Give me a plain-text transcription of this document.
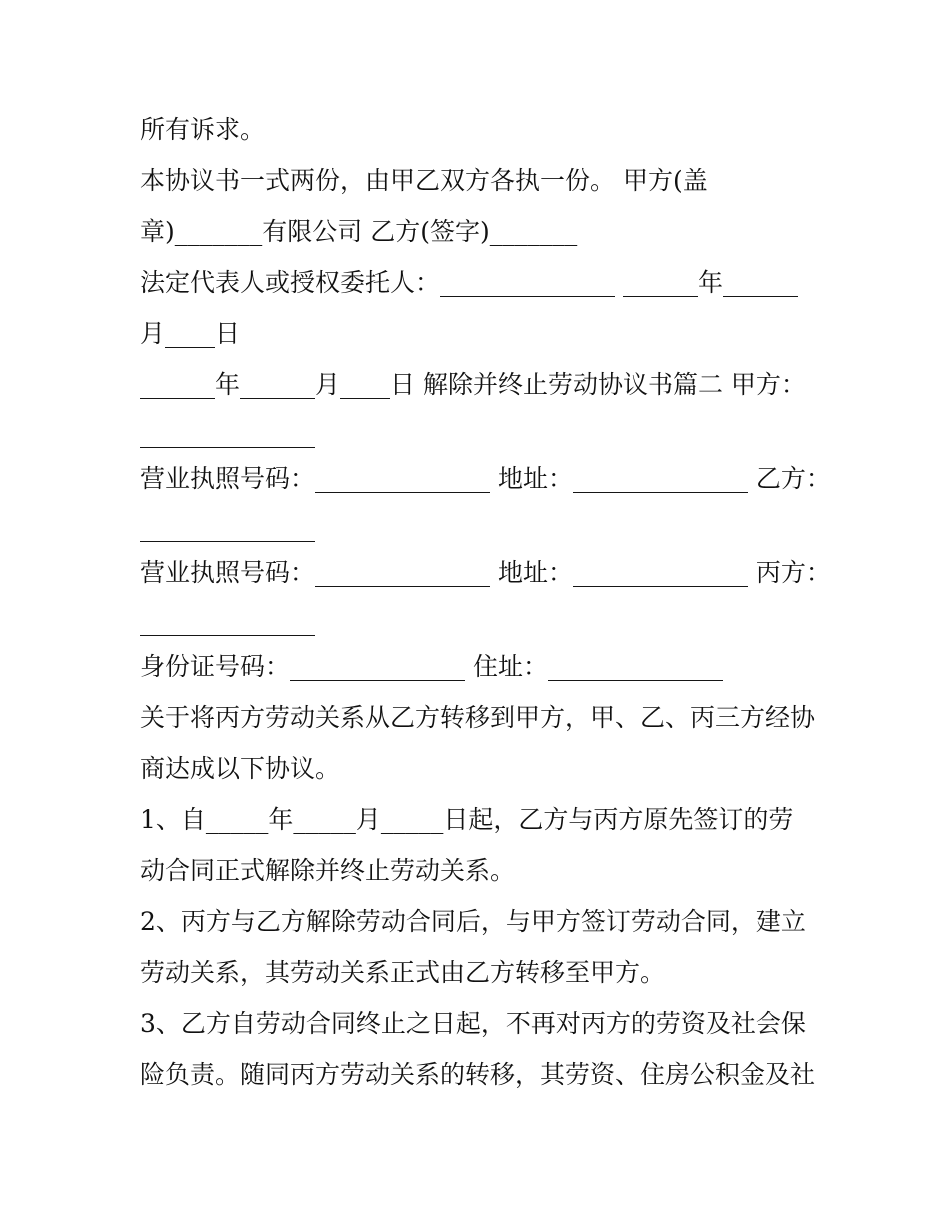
所有诉求。

本协议书一式两份，由甲乙双方各执一份。 甲方(盖

章)_______有限公司 乙方(签字)_______

法定代表人或授权委托人：______________ ______年______

月____日

______年______月____日 解除并终止劳动协议书篇二 甲方：

______________

营业执照号码：______________ 地址：______________ 乙方：

______________

营业执照号码：______________ 地址：______________ 丙方：

______________

身份证号码：______________ 住址：______________

关于将丙方劳动关系从乙方转移到甲方，甲、乙、丙三方经协

商达成以下协议。

1、自_____年_____月_____日起，乙方与丙方原先签订的劳

动合同正式解除并终止劳动关系。

2、丙方与乙方解除劳动合同后，与甲方签订劳动合同，建立

劳动关系，其劳动关系正式由乙方转移至甲方。

3、乙方自劳动合同终止之日起，不再对丙方的劳资及社会保

险负责。随同丙方劳动关系的转移，其劳资、住房公积金及社
